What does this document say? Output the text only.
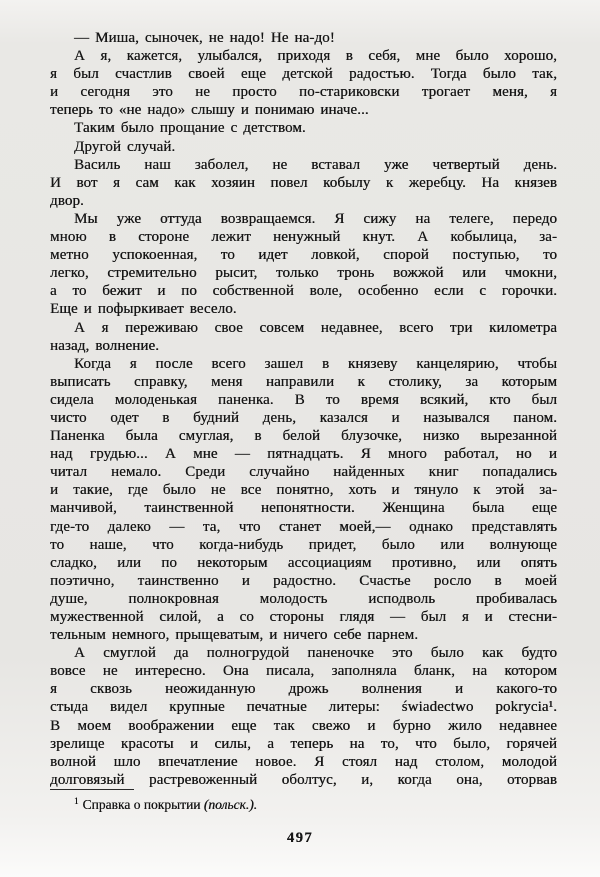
— Миша, сыночек, не надо! Не на-до!
А я, кажется, улыбался, приходя в себя, мне было хорошо,
я был счастлив своей еще детской радостью. Тогда было так,
и сегодня это не просто по-стариковски трогает меня, я
теперь то «не надо» слышу и понимаю иначе...
Таким было прощание с детством.
Другой случай.
Василь наш заболел, не вставал уже четвертый день.
И вот я сам как хозяин повел кобылу к жеребцу. На князев
двор.
Мы уже оттуда возвращаемся. Я сижу на телеге, передо
мною в стороне лежит ненужный кнут. А кобылица, за-
метно успокоенная, то идет ловкой, спорой поступью, то
легко, стремительно рысит, только тронь вожжой или чмокни,
а то бежит и по собственной воле, особенно если с горочки.
Еще и пофыркивает весело.
А я переживаю свое совсем недавнее, всего три километра
назад, волнение.
Когда я после всего зашел в князеву канцелярию, чтобы
выписать справку, меня направили к столику, за которым
сидела молоденькая паненка. В то время всякий, кто был
чисто одет в будний день, казался и назывался паном.
Паненка была смуглая, в белой блузочке, низко вырезанной
над грудью... А мне — пятнадцать. Я много работал, но и
читал немало. Среди случайно найденных книг попадались
и такие, где было не все понятно, хоть и тянуло к этой за-
манчивой, таинственной непонятности. Женщина была еще
где-то далеко — та, что станет моей,— однако представлять
то наше, что когда-нибудь придет, было или волнующе
сладко, или по некоторым ассоциациям противно, или опять
поэтично, таинственно и радостно. Счастье росло в моей
душе, полнокровная молодость исподволь пробивалась
мужественной силой, а со стороны глядя — был я и стесни-
тельным немного, прыщеватым, и ничего себе парнем.
А смуглой да полногрудой паненочке это было как будто
вовсе не интересно. Она писала, заполняла бланк, на котором
я сквозь неожиданную дрожь волнения и какого-то
стыда видел крупные печатные литеры: świadectwo pokrycia¹.
В моем воображении еще так свежо и бурно жило недавнее
зрелище красоты и силы, а теперь на то, что было, горячей
волной шло впечатление новое. Я стоял над столом, молодой
долговязый растревоженный оболтус, и, когда она, оторвав
$^1$ Справка о покрытии (польск.).
497
